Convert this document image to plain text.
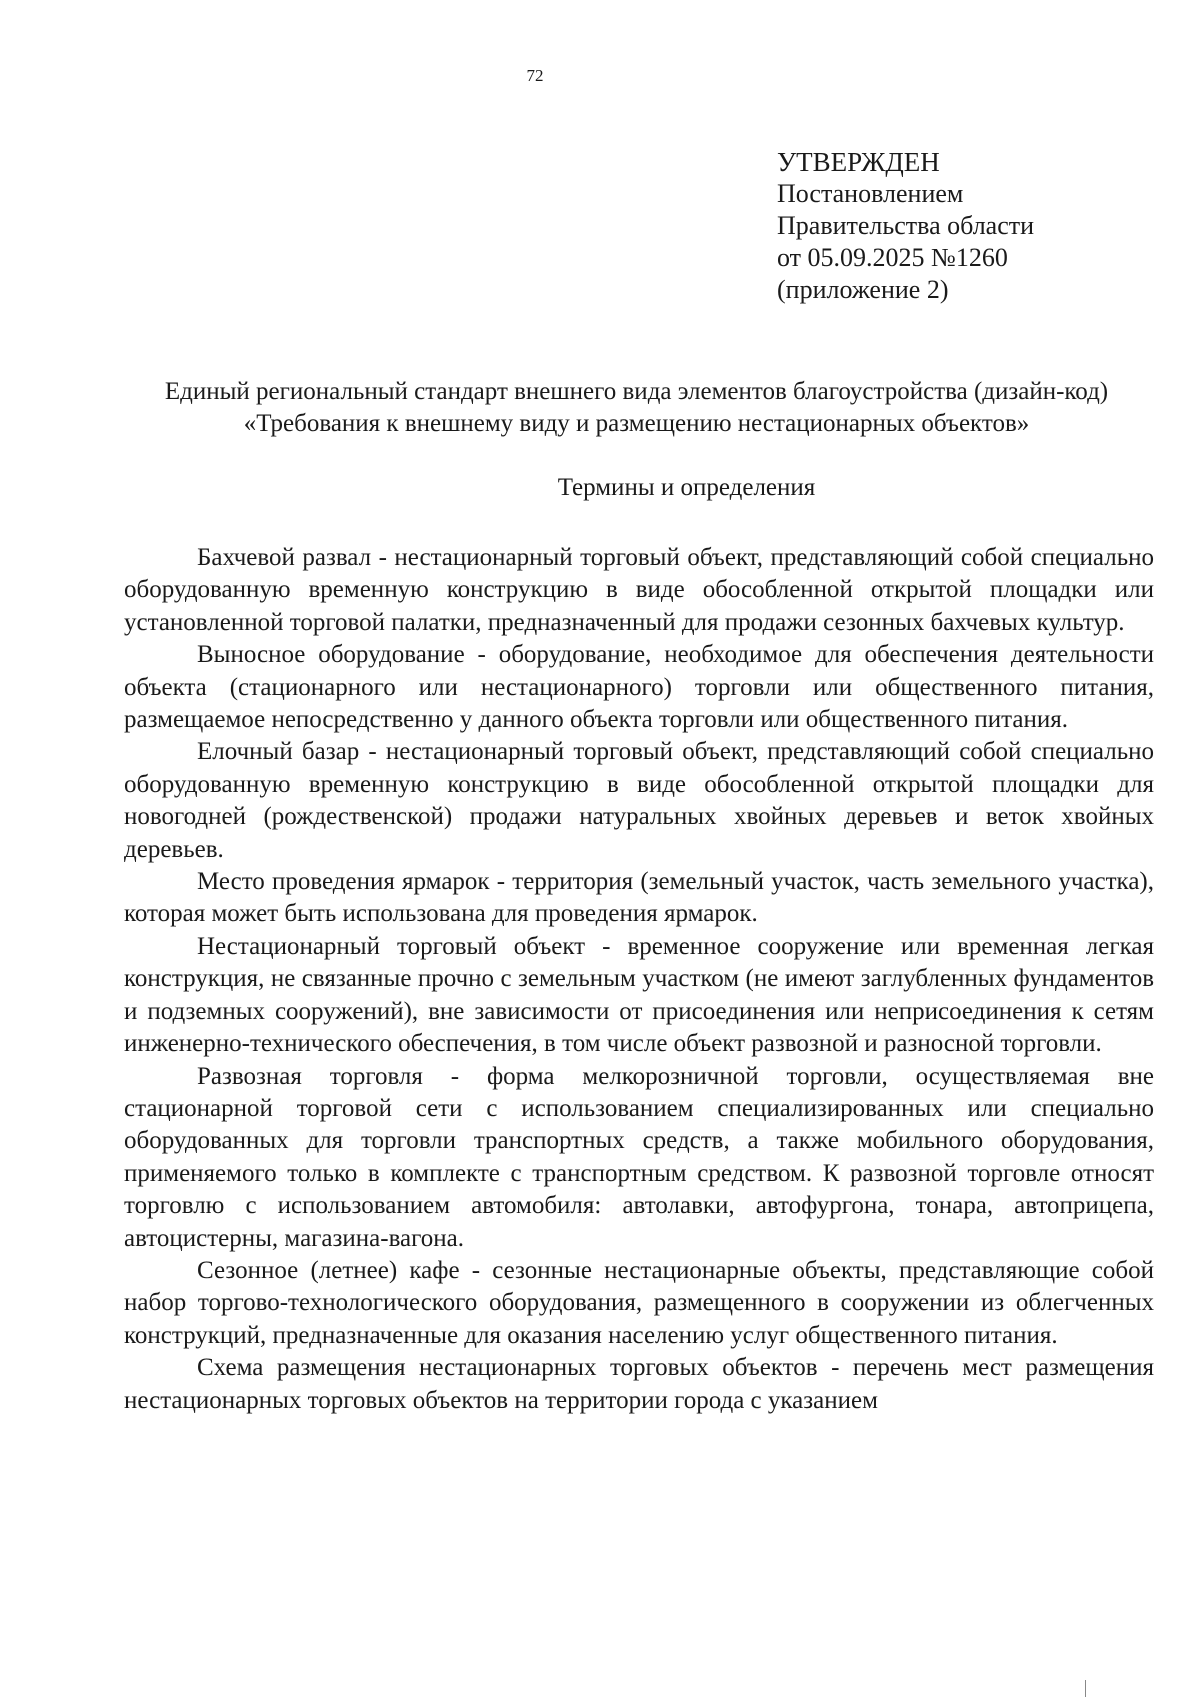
72
УТВЕРЖДЕН
Постановлением
Правительства области
от 05.09.2025 №1260
(приложение 2)
Единый региональный стандарт внешнего вида элементов благоустройства (дизайн-код) «Требования к внешнему виду и размещению нестационарных объектов»
Термины и определения

Бахчевой развал - нестационарный торговый объект, представляющий собой специально оборудованную временную конструкцию в виде обособленной открытой площадки или установленной торговой палатки, предназначенный для продажи сезонных бахчевых культур.

Выносное оборудование - оборудование, необходимое для обеспечения деятельности объекта (стационарного или нестационарного) торговли или общественного питания, размещаемое непосредственно у данного объекта торговли или общественного питания.

Елочный базар - нестационарный торговый объект, представляющий собой специально оборудованную временную конструкцию в виде обособленной открытой площадки для новогодней (рождественской) продажи натуральных хвойных деревьев и веток хвойных деревьев.

Место проведения ярмарок - территория (земельный участок, часть земельного участка), которая может быть использована для проведения ярмарок.

Нестационарный торговый объект - временное сооружение или временная легкая конструкция, не связанные прочно с земельным участком (не имеют заглубленных фундаментов и подземных сооружений), вне зависимости от присоединения или неприсоединения к сетям инженерно-технического обеспечения, в том числе объект развозной и разносной торговли.

Развозная торговля - форма мелкорозничной торговли, осуществляемая вне стационарной торговой сети с использованием специализированных или специально оборудованных для торговли транспортных средств, а также мобильного оборудования, применяемого только в комплекте с транспортным средством. К развозной торговле относят торговлю с использованием автомобиля: автолавки, автофургона, тонара, автоприцепа, автоцистерны, магазина-вагона.

Сезонное (летнее) кафе - сезонные нестационарные объекты, представляющие собой набор торгово-технологического оборудования, размещенного в сооружении из облегченных конструкций, предназначенные для оказания населению услуг общественного питания.

Схема размещения нестационарных торговых объектов - перечень мест размещения нестационарных торговых объектов на территории города с указанием
